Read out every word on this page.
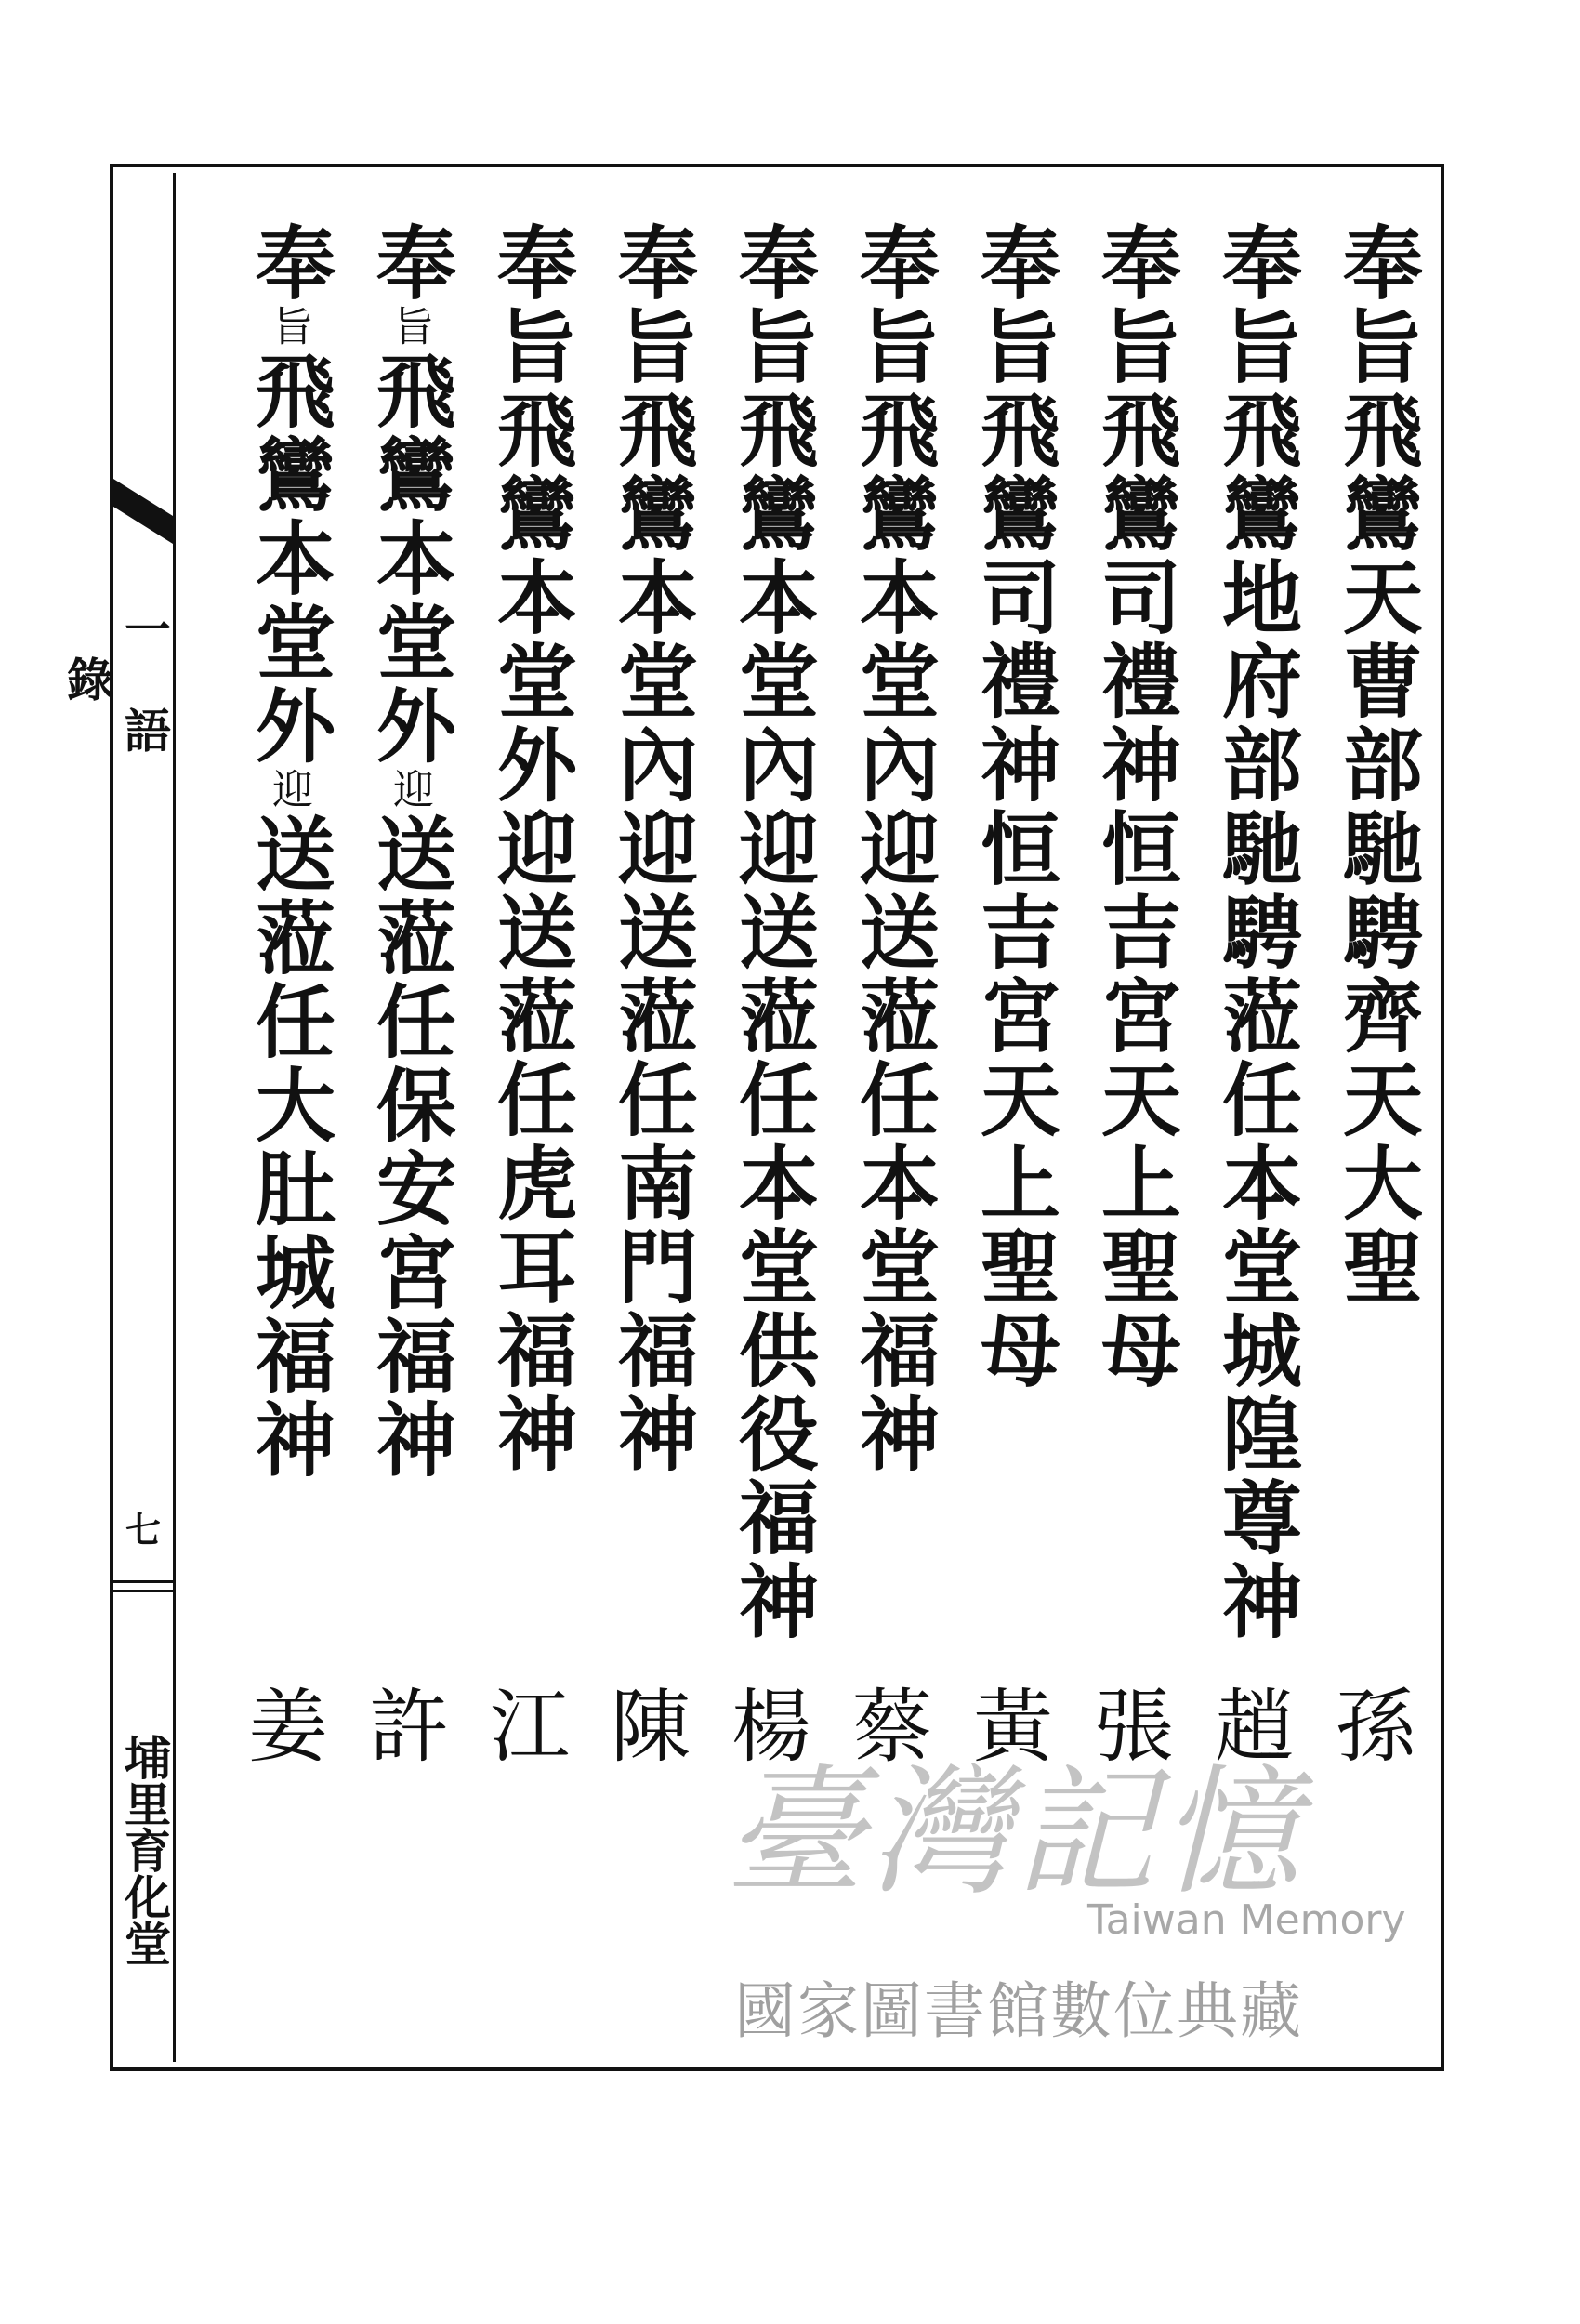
一 語 錄
七
埔里育化堂
奉旨飛鸞天曹部馳騁齊天大聖
孫
奉旨飛鸞地府部馳騁蒞任本堂城隍尊神
趙
奉旨飛鸞司禮神恒吉宮天上聖母
張
奉旨飛鸞司禮神恒吉宮天上聖母
黃
奉旨飛鸞本堂內迎送蒞任本堂福神
蔡
奉旨飛鸞本堂內迎送蒞任本堂供役福神
楊
奉旨飛鸞本堂內迎送蒞任南門福神
陳
奉旨飛鸞本堂外迎送蒞任虎耳福神
江
奉旨飛鸞本堂外迎送蒞任保安宮福神
許
奉旨飛鸞本堂外迎送蒞任大肚城福神
姜
臺灣記憶
Taiwan Memory
國家圖書館數位典藏
